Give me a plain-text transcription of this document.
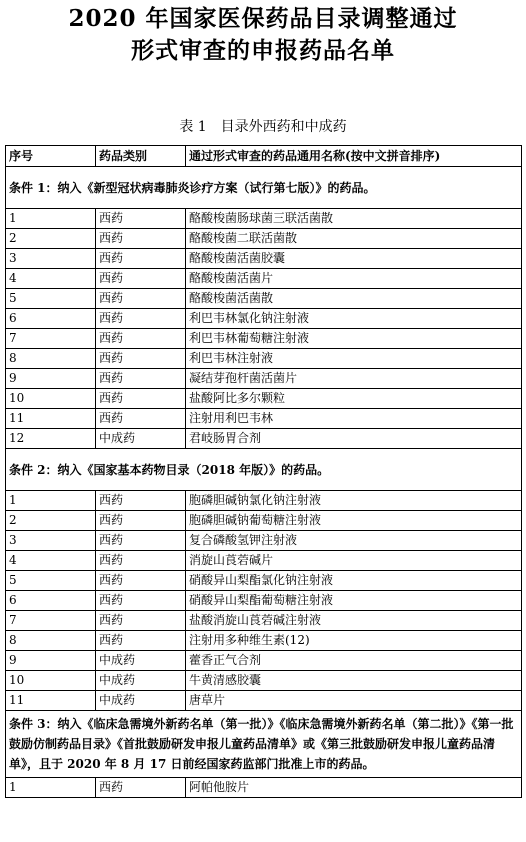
2020 年国家医保药品目录调整通过
形式审查的申报药品名单
表 1　目录外西药和中成药
序号	药品类别	通过形式审查的药品通用名称(按中文拼音排序)
条件 1：纳入《新型冠状病毒肺炎诊疗方案（试行第七版）》的药品。		
1	西药	酪酸梭菌肠球菌三联活菌散
2	西药	酪酸梭菌二联活菌散
3	西药	酪酸梭菌活菌胶囊
4	西药	酪酸梭菌活菌片
5	西药	酪酸梭菌活菌散
6	西药	利巴韦林氯化钠注射液
7	西药	利巴韦林葡萄糖注射液
8	西药	利巴韦林注射液
9	西药	凝结芽孢杆菌活菌片
10	西药	盐酸阿比多尔颗粒
11	西药	注射用利巴韦林
12	中成药	君岐肠胃合剂
条件 2：纳入《国家基本药物目录（2018 年版）》的药品。		
1	西药	胞磷胆碱钠氯化钠注射液
2	西药	胞磷胆碱钠葡萄糖注射液
3	西药	复合磷酸氢钾注射液
4	西药	消旋山莨菪碱片
5	西药	硝酸异山梨酯氯化钠注射液
6	西药	硝酸异山梨酯葡萄糖注射液
7	西药	盐酸消旋山莨菪碱注射液
8	西药	注射用多种维生素(12)
9	中成药	藿香正气合剂
10	中成药	牛黄清感胶囊
11	中成药	唐草片
条件 3：纳入《临床急需境外新药名单（第一批）》《临床急需境外新药名单（第二批）》《第一批鼓励仿制药品目录》《首批鼓励研发申报儿童药品清单》或《第三批鼓励研发申报儿童药品清单》，且于 2020 年 8 月 17 日前经国家药监部门批准上市的药品。		
1	西药	阿帕他胺片
